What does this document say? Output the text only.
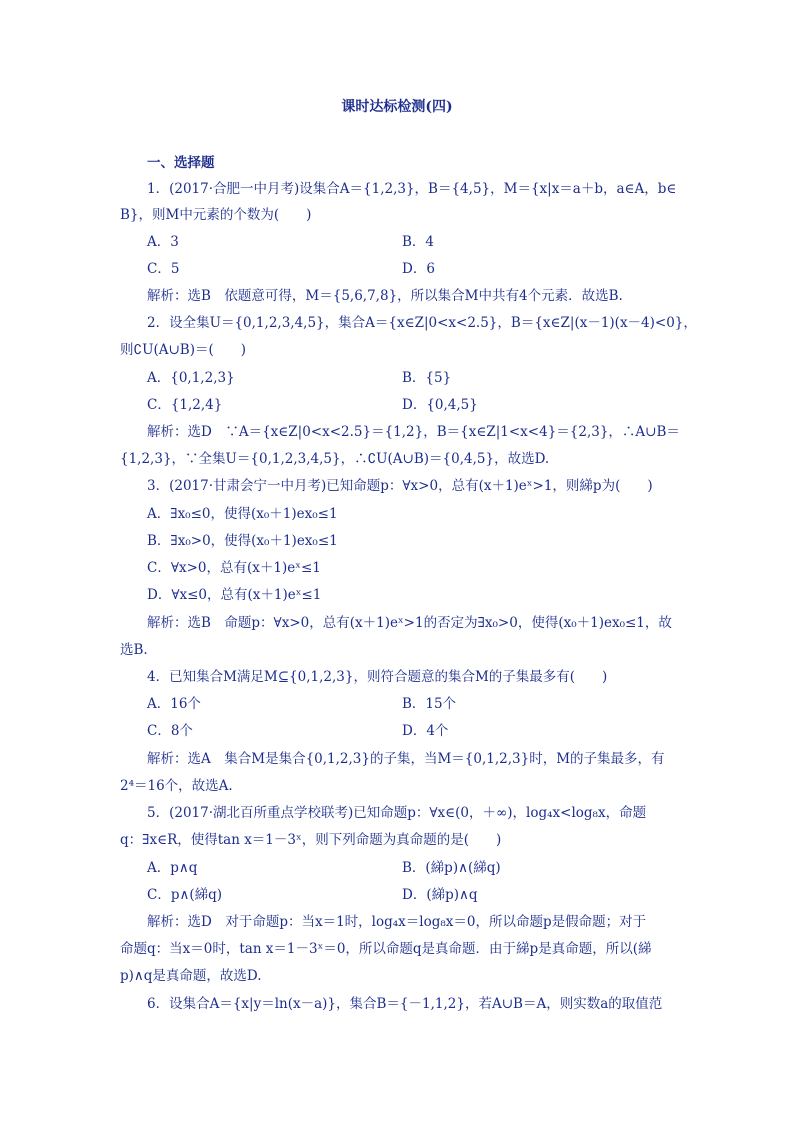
课时达标检测(四)
一、选择题
1．(2017·合肥一中月考)设集合A＝{1,2,3}，B＝{4,5}，M＝{x|x＝a＋b，a∈A，b∈
B}，则M中元素的个数为(　　)
A．3	B．4
C．5	D．6
解析：选B　依题意可得，M＝{5,6,7,8}，所以集合M中共有4个元素．故选B.
2．设全集U＝{0,1,2,3,4,5}，集合A＝{x∈Z|0<x<2.5}，B＝{x∈Z|(x－1)(x－4)<0}，
则∁U(A∪B)＝(　　)
A．{0,1,2,3}	B．{5}
C．{1,2,4}	D．{0,4,5}
解析：选D　∵A＝{x∈Z|0<x<2.5}＝{1,2}，B＝{x∈Z|1<x<4}＝{2,3}，∴A∪B＝
{1,2,3}，∵全集U＝{0,1,2,3,4,5}，∴∁U(A∪B)＝{0,4,5}，故选D.
3．(2017·甘肃会宁一中月考)已知命题p：∀x>0，总有(x＋1)eˣ>1，则綈p为(　　)
A．∃x₀≤0，使得(x₀＋1)ex₀≤1
B．∃x₀>0，使得(x₀＋1)ex₀≤1
C．∀x>0，总有(x＋1)eˣ≤1
D．∀x≤0，总有(x＋1)eˣ≤1
解析：选B　命题p：∀x>0，总有(x＋1)eˣ>1的否定为∃x₀>0，使得(x₀＋1)ex₀≤1，故
选B.
4．已知集合M满足M⊆{0,1,2,3}，则符合题意的集合M的子集最多有(　　)
A．16个	B．15个
C．8个	D．4个
解析：选A　集合M是集合{0,1,2,3}的子集，当M＝{0,1,2,3}时，M的子集最多，有
2⁴＝16个，故选A.
5．(2017·湖北百所重点学校联考)已知命题p：∀x∈(0，＋∞)，log₄x<log₈x，命题
q：∃x∈R，使得tan x＝1－3ˣ，则下列命题为真命题的是(　　)
A．p∧q	B．(綈p)∧(綈q)
C．p∧(綈q)	D．(綈p)∧q
解析：选D　对于命题p：当x＝1时，log₄x＝log₈x＝0，所以命题p是假命题；对于
命题q：当x＝0时，tan x＝1－3ˣ＝0，所以命题q是真命题．由于綈p是真命题，所以(綈
p)∧q是真命题，故选D.
6．设集合A＝{x|y＝ln(x－a)}，集合B＝{－1,1,2}，若A∪B＝A，则实数a的取值范
